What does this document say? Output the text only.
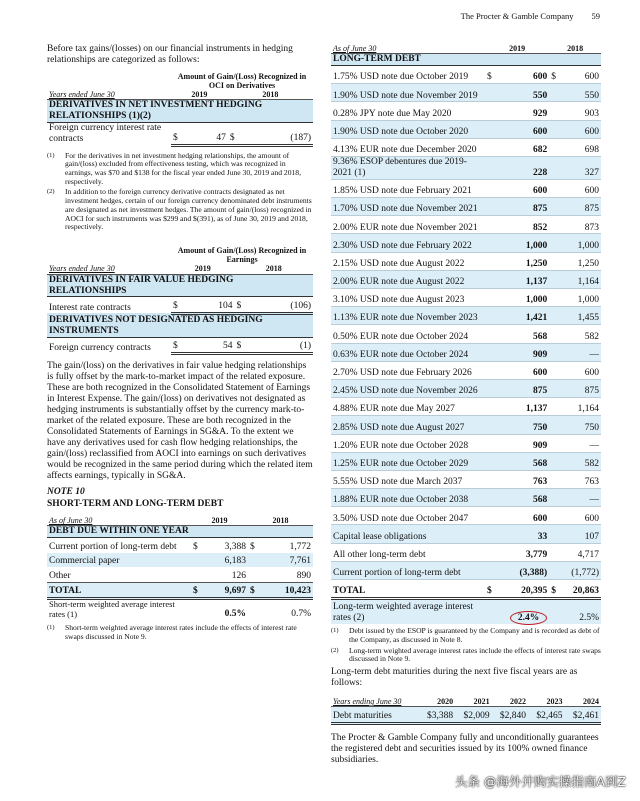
The Procter & Gamble Company 59

Before tax gains/(losses) on our financial instruments in hedging relationships are categorized as follows:

	Amount of Gain/(Loss) Recognized in OCI on Derivatives			
Years ended June 30	2019		2018	
DERIVATIVES IN NET INVESTMENT HEDGING RELATIONSHIPS (1)(2)				
Foreign currency interest rate contracts	$	47	$	(187)
(1)	For the derivatives in net investment hedging relationships, the amount of gain/(loss) excluded from effectiveness testing, which was recognized in earnings, was $70 and $138 for the fiscal year ended June 30, 2019 and 2018, respectively.
(2)	In addition to the foreign currency derivative contracts designated as net investment hedges, certain of our foreign currency denominated debt instruments are designated as net investment hedges. The amount of gain/(loss) recognized in AOCI for such instruments was $299 and $(391), as of June 30, 2019 and 2018, respectively.
	Amount of Gain/(Loss) Recognized in Earnings			
Years ended June 30	2019		2018	
DERIVATIVES IN FAIR VALUE HEDGING RELATIONSHIPS				
Interest rate contracts	$	104	$	(106)
DERIVATIVES NOT DESIGNATED AS HEDGING INSTRUMENTS				
Foreign currency contracts	$	54	$	(1)

The gain/(loss) on the derivatives in fair value hedging relationships is fully offset by the mark-to-market impact of the related exposure. These are both recognized in the Consolidated Statement of Earnings in Interest Expense. The gain/(loss) on derivatives not designated as hedging instruments is substantially offset by the currency mark-to-market of the related exposure. These are both recognized in the Consolidated Statements of Earnings in SG&A. To the extent we have any derivatives used for cash flow hedging relationships, the gain/(loss) reclassified from AOCI into earnings on such derivatives would be recognized in the same period during which the related item affects earnings, typically in SG&A.

NOTE 10
SHORT-TERM AND LONG-TERM DEBT
As of June 30	2019		2018	
DEBT DUE WITHIN ONE YEAR				
Current portion of long-term debt	$	3,388	$	1,772
Commercial paper		6,183		7,761
Other		126		890
TOTAL	$	9,697	$	10,423
Short-term weighted average interest rates (1)		0.5%		0.7%
(1)	Short-term weighted average interest rates include the effects of interest rate swaps discussed in Note 9.
As of June 30	2019		2018	
LONG-TERM DEBT				
1.75% USD note due October 2019	$	600	$	600
1.90% USD note due November 2019		550		550
0.28% JPY note due May 2020		929		903
1.90% USD note due October 2020		600		600
4.13% EUR note due December 2020		682		698
9.36% ESOP debentures due 2019-2021 (1)		228		327
1.85% USD note due February 2021		600		600
1.70% USD note due November 2021		875		875
2.00% EUR note due November 2021		852		873
2.30% USD note due February 2022		1,000		1,000
2.15% USD note due August 2022		1,250		1,250
2.00% EUR note due August 2022		1,137		1,164
3.10% USD note due August 2023		1,000		1,000
1.13% EUR note due November 2023		1,421		1,455
0.50% EUR note due October 2024		568		582
0.63% EUR note due October 2024		909		—
2.70% USD note due February 2026		600		600
2.45% USD note due November 2026		875		875
4.88% EUR note due May 2027		1,137		1,164
2.85% USD note due August 2027		750		750
1.20% EUR note due October 2028		909		—
1.25% EUR note due October 2029		568		582
5.55% USD note due March 2037		763		763
1.88% EUR note due October 2038		568		—
3.50% USD note due October 2047		600		600
Capital lease obligations		33		107
All other long-term debt		3,779		4,717
Current portion of long-term debt		(3,388)		(1,772)
TOTAL	$	20,395	$	20,863
Long-term weighted average interest rates (2)		2.4%		2.5%
(1)	Debt issued by the ESOP is guaranteed by the Company and is recorded as debt of the Company, as discussed in Note 8.
(2)	Long-term weighted average interest rates include the effects of interest rate swaps discussed in Note 9.

Long-term debt maturities during the next five fiscal years are as follows:

Years ending June 30	2020	2021	2022	2023	2024
Debt maturities	$3,388	$2,009	$2,840	$2,465	$2,461

The Procter & Gamble Company fully and unconditionally guarantees the registered debt and securities issued by its 100% owned finance subsidiaries.

头条 @海外并购实操指南A到Z
